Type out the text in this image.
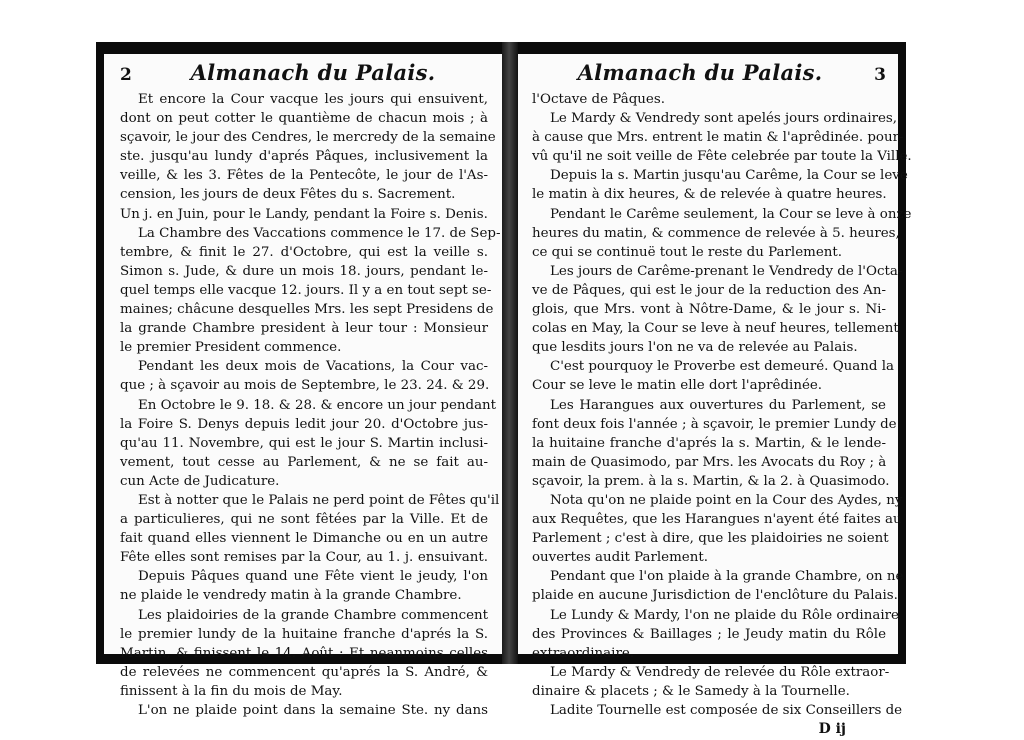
2	Almanach du Palais.
Et encore la Cour vacque les jours qui ensuivent,
dont on peut cotter le quantième de chacun mois ; à
sçavoir, le jour des Cendres, le mercredy de la semaine
ste. jusqu'au lundy d'aprés Pâques, inclusivement la
veille, & les 3. Fêtes de la Pentecôte, le jour de l'As-
cension, les jours de deux Fêtes du s. Sacrement.
Un j. en Juin, pour le Landy, pendant la Foire s. Denis.
La Chambre des Vaccations commence le 17. de Sep-
tembre, & finit le 27. d'Octobre, qui est la veille s.
Simon s. Jude, & dure un mois 18. jours, pendant le-
quel temps elle vacque 12. jours. Il y a en tout sept se-
maines; châcune desquelles Mrs. les sept Presidens de
la grande Chambre president à leur tour : Monsieur
le premier President commence.
Pendant les deux mois de Vacations, la Cour vac-
que ; à sçavoir au mois de Septembre, le 23. 24. & 29.
En Octobre le 9. 18. & 28. & encore un jour pendant
la Foire S. Denys depuis ledit jour 20. d'Octobre jus-
qu'au 11. Novembre, qui est le jour S. Martin inclusi-
vement, tout cesse au Parlement, & ne se fait au-
cun Acte de Judicature.
Est à notter que le Palais ne perd point de Fêtes qu'il
a particulieres, qui ne sont fêtées par la Ville. Et de
fait quand elles viennent le Dimanche ou en un autre
Fête elles sont remises par la Cour, au 1. j. ensuivant.
Depuis Pâques quand une Fête vient le jeudy, l'on
ne plaide le vendredy matin à la grande Chambre.
Les plaidoiries de la grande Chambre commencent
le premier lundy de la huitaine franche d'aprés la S.
Martin, & finissent le 14. Août ; Et neanmoins celles
de relevées ne commencent qu'aprés la S. André, &
finissent à la fin du mois de May.
L'on ne plaide point dans la semaine Ste. ny dans
Almanach du Palais.	3
l'Octave de Pâques.
Le Mardy & Vendredy sont apelés jours ordinaires,
à cause que Mrs. entrent le matin & l'aprêdinée. pour-
vû qu'il ne soit veille de Fête celebrée par toute la Ville.
Depuis la s. Martin jusqu'au Carême, la Cour se leve
le matin à dix heures, & de relevée à quatre heures.
Pendant le Carême seulement, la Cour se leve à onze
heures du matin, & commence de relevée à 5. heures,
ce qui se continuë tout le reste du Parlement.
Les jours de Carême-prenant le Vendredy de l'Octa-
ve de Pâques, qui est le jour de la reduction des An-
glois, que Mrs. vont à Nôtre-Dame, & le jour s. Ni-
colas en May, la Cour se leve à neuf heures, tellement
que lesdits jours l'on ne va de relevée au Palais.
C'est pourquoy le Proverbe est demeuré. Quand la
Cour se leve le matin elle dort l'aprêdinée.
Les Harangues aux ouvertures du Parlement, se
font deux fois l'année ; à sçavoir, le premier Lundy de
la huitaine franche d'aprés la s. Martin, & le lende-
main de Quasimodo, par Mrs. les Avocats du Roy ; à
sçavoir, la prem. à la s. Martin, & la 2. à Quasimodo.
Nota qu'on ne plaide point en la Cour des Aydes, ny
aux Requêtes, que les Harangues n'ayent été faites au
Parlement ; c'est à dire, que les plaidoiries ne soient
ouvertes audit Parlement.
Pendant que l'on plaide à la grande Chambre, on ne
plaide en aucune Jurisdiction de l'enclôture du Palais.
Le Lundy & Mardy, l'on ne plaide du Rôle ordinaire
des Provinces & Baillages ; le Jeudy matin du Rôle
extraordinaire.
Le Mardy & Vendredy de relevée du Rôle extraor-
dinaire & placets ; & le Samedy à la Tournelle.
Ladite Tournelle est composée de six Conseillers de
D ij
